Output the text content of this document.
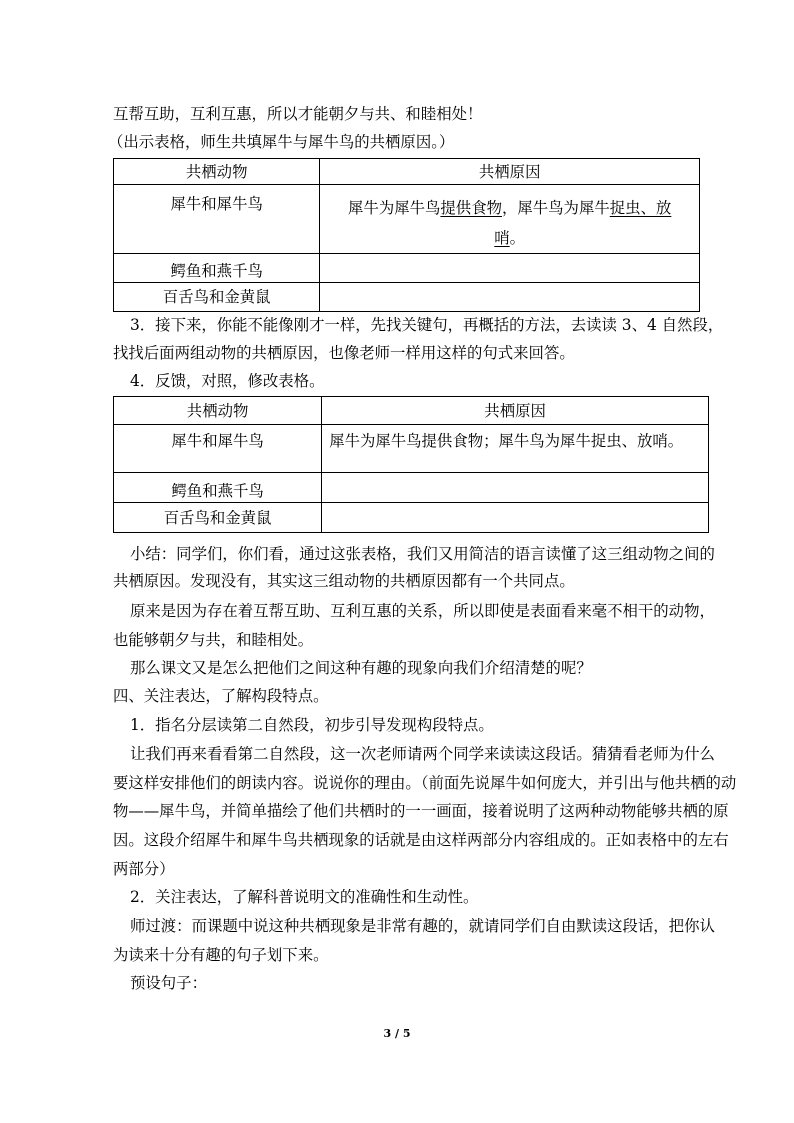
互帮互助，互利互惠，所以才能朝夕与共、和睦相处！
（出示表格，师生共填犀牛与犀牛鸟的共栖原因。）
共栖动物	共栖原因
犀牛和犀牛鸟	犀牛为犀牛鸟提供食物，犀牛鸟为犀牛捉虫、放
哨。
鳄鱼和燕千鸟	
百舌鸟和金黄鼠	
3．接下来，你能不能像刚才一样，先找关键句，再概括的方法，去读读 3、4 自然段，
找找后面两组动物的共栖原因，也像老师一样用这样的句式来回答。
4．反馈，对照，修改表格。
共栖动物	共栖原因
犀牛和犀牛鸟	犀牛为犀牛鸟提供食物；犀牛鸟为犀牛捉虫、放哨。
鳄鱼和燕千鸟	
百舌鸟和金黄鼠	
小结：同学们，你们看，通过这张表格，我们又用简洁的语言读懂了这三组动物之间的
共栖原因。发现没有，其实这三组动物的共栖原因都有一个共同点。
原来是因为存在着互帮互助、互利互惠的关系，所以即使是表面看来毫不相干的动物，
也能够朝夕与共，和睦相处。
那么课文又是怎么把他们之间这种有趣的现象向我们介绍清楚的呢？
四、关注表达，了解构段特点。
1．指名分层读第二自然段，初步引导发现构段特点。
让我们再来看看第二自然段，这一次老师请两个同学来读读这段话。猜猜看老师为什么
要这样安排他们的朗读内容。说说你的理由。（前面先说犀牛如何庞大，并引出与他共栖的动
物——犀牛鸟，并简单描绘了他们共栖时的一一画面，接着说明了这两种动物能够共栖的原
因。这段介绍犀牛和犀牛鸟共栖现象的话就是由这样两部分内容组成的。正如表格中的左右
两部分）
2．关注表达，了解科普说明文的准确性和生动性。
师过渡：而课题中说这种共栖现象是非常有趣的，就请同学们自由默读这段话，把你认
为读来十分有趣的句子划下来。
预设句子：
3 / 5
